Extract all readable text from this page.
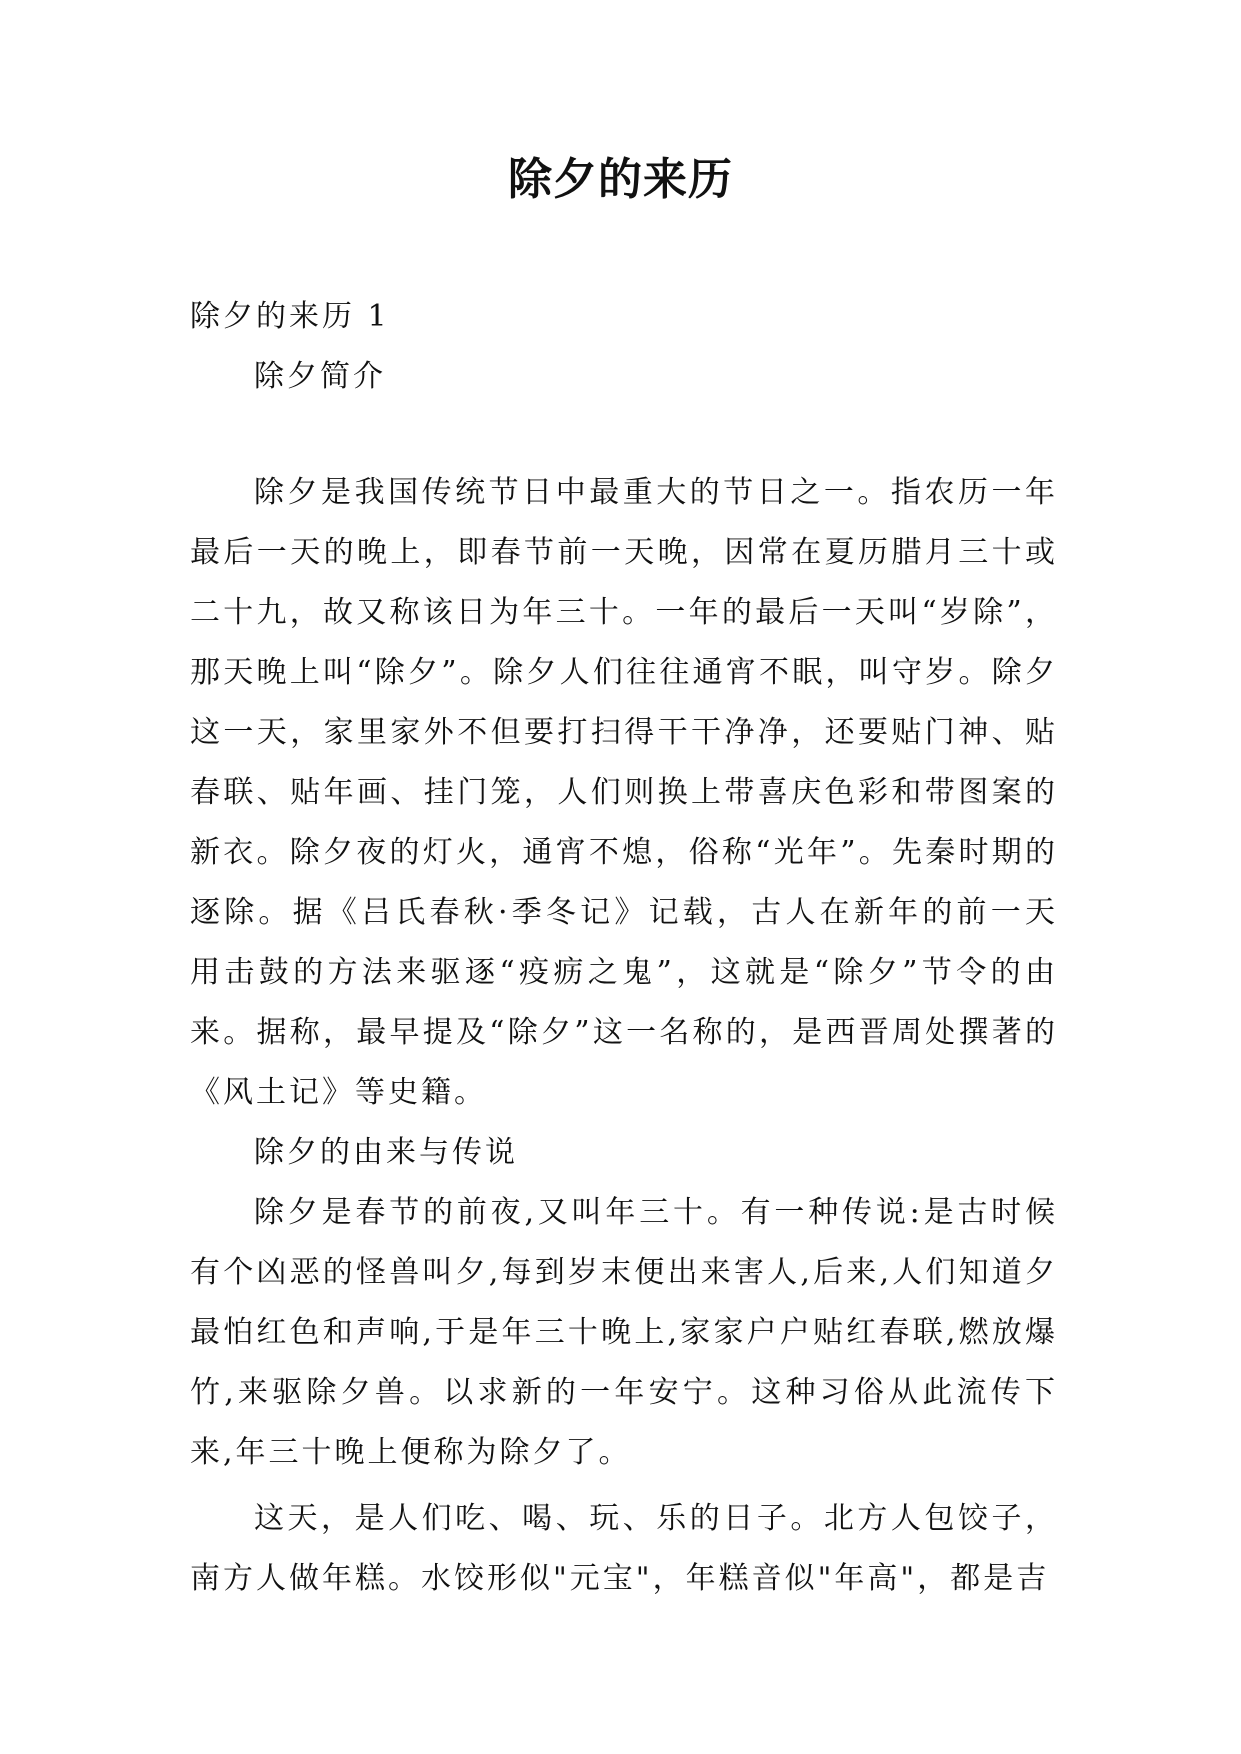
除夕的来历

除夕的来历 1

除夕简介

除夕是我国传统节日中最重大的节日之一。指农历一年最后一天的晚上，即春节前一天晚，因常在夏历腊月三十或二十九，故又称该日为年三十。一年的最后一天叫“岁除”，那天晚上叫“除夕”。除夕人们往往通宵不眠，叫守岁。除夕这一天，家里家外不但要打扫得干干净净，还要贴门神、贴春联、贴年画、挂门笼，人们则换上带喜庆色彩和带图案的新衣。除夕夜的灯火，通宵不熄，俗称“光年”。先秦时期的逐除。据《吕氏春秋·季冬记》记载，古人在新年的前一天用击鼓的方法来驱逐“疫疬之鬼”，这就是“除夕”节令的由来。据称，最早提及“除夕”这一名称的，是西晋周处撰著的《风土记》等史籍。

除夕的由来与传说

除夕是春节的前夜,又叫年三十。有一种传说:是古时候有个凶恶的怪兽叫夕,每到岁末便出来害人,后来,人们知道夕最怕红色和声响,于是年三十晚上,家家户户贴红春联,燃放爆竹,来驱除夕兽。以求新的一年安宁。这种习俗从此流传下来,年三十晚上便称为除夕了。

这天，是人们吃、喝、玩、乐的日子。北方人包饺子，南方人做年糕。水饺形似"元宝"，年糕音似"年高"，都是吉
